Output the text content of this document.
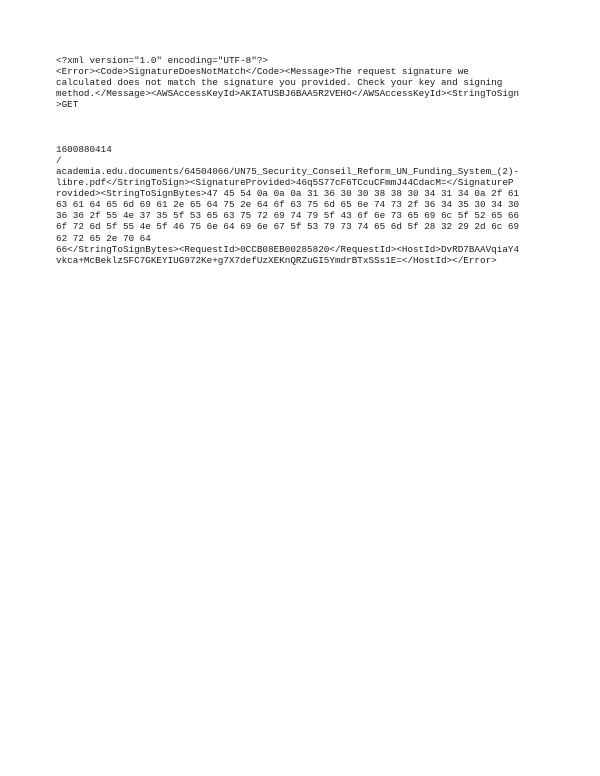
<?xml version="1.0" encoding="UTF-8"?>
<Error><Code>SignatureDoesNotMatch</Code><Message>The request signature we
calculated does not match the signature you provided. Check your key and signing
method.</Message><AWSAccessKeyId>AKIATUSBJ6BAA5R2VEHO</AWSAccessKeyId><StringToSign
>GET
1600880414
/
academia.edu.documents/64504066/UN75_Security_Conseil_Reform_UN_Funding_System_(2)-
libre.pdf</StringToSign><SignatureProvided>46q5S77cF6TCcuCFmmJ44CdacM=</SignatureP
rovided><StringToSignBytes>47 45 54 0a 0a 0a 31 36 30 30 38 38 30 34 31 34 0a 2f 61
63 61 64 65 6d 69 61 2e 65 64 75 2e 64 6f 63 75 6d 65 6e 74 73 2f 36 34 35 30 34 30
36 36 2f 55 4e 37 35 5f 53 65 63 75 72 69 74 79 5f 43 6f 6e 73 65 69 6c 5f 52 65 66
6f 72 6d 5f 55 4e 5f 46 75 6e 64 69 6e 67 5f 53 79 73 74 65 6d 5f 28 32 29 2d 6c 69
62 72 65 2e 70 64
66</StringToSignBytes><RequestId>0CCB08EB00285820</RequestId><HostId>DvRD7BAAVqiaY4
vkca+McBeklzSFC7GKEYIUG972Ke+g7X7defUzXEKnQRZuGI5YmdrBTxSSs1E=</HostId></Error>
